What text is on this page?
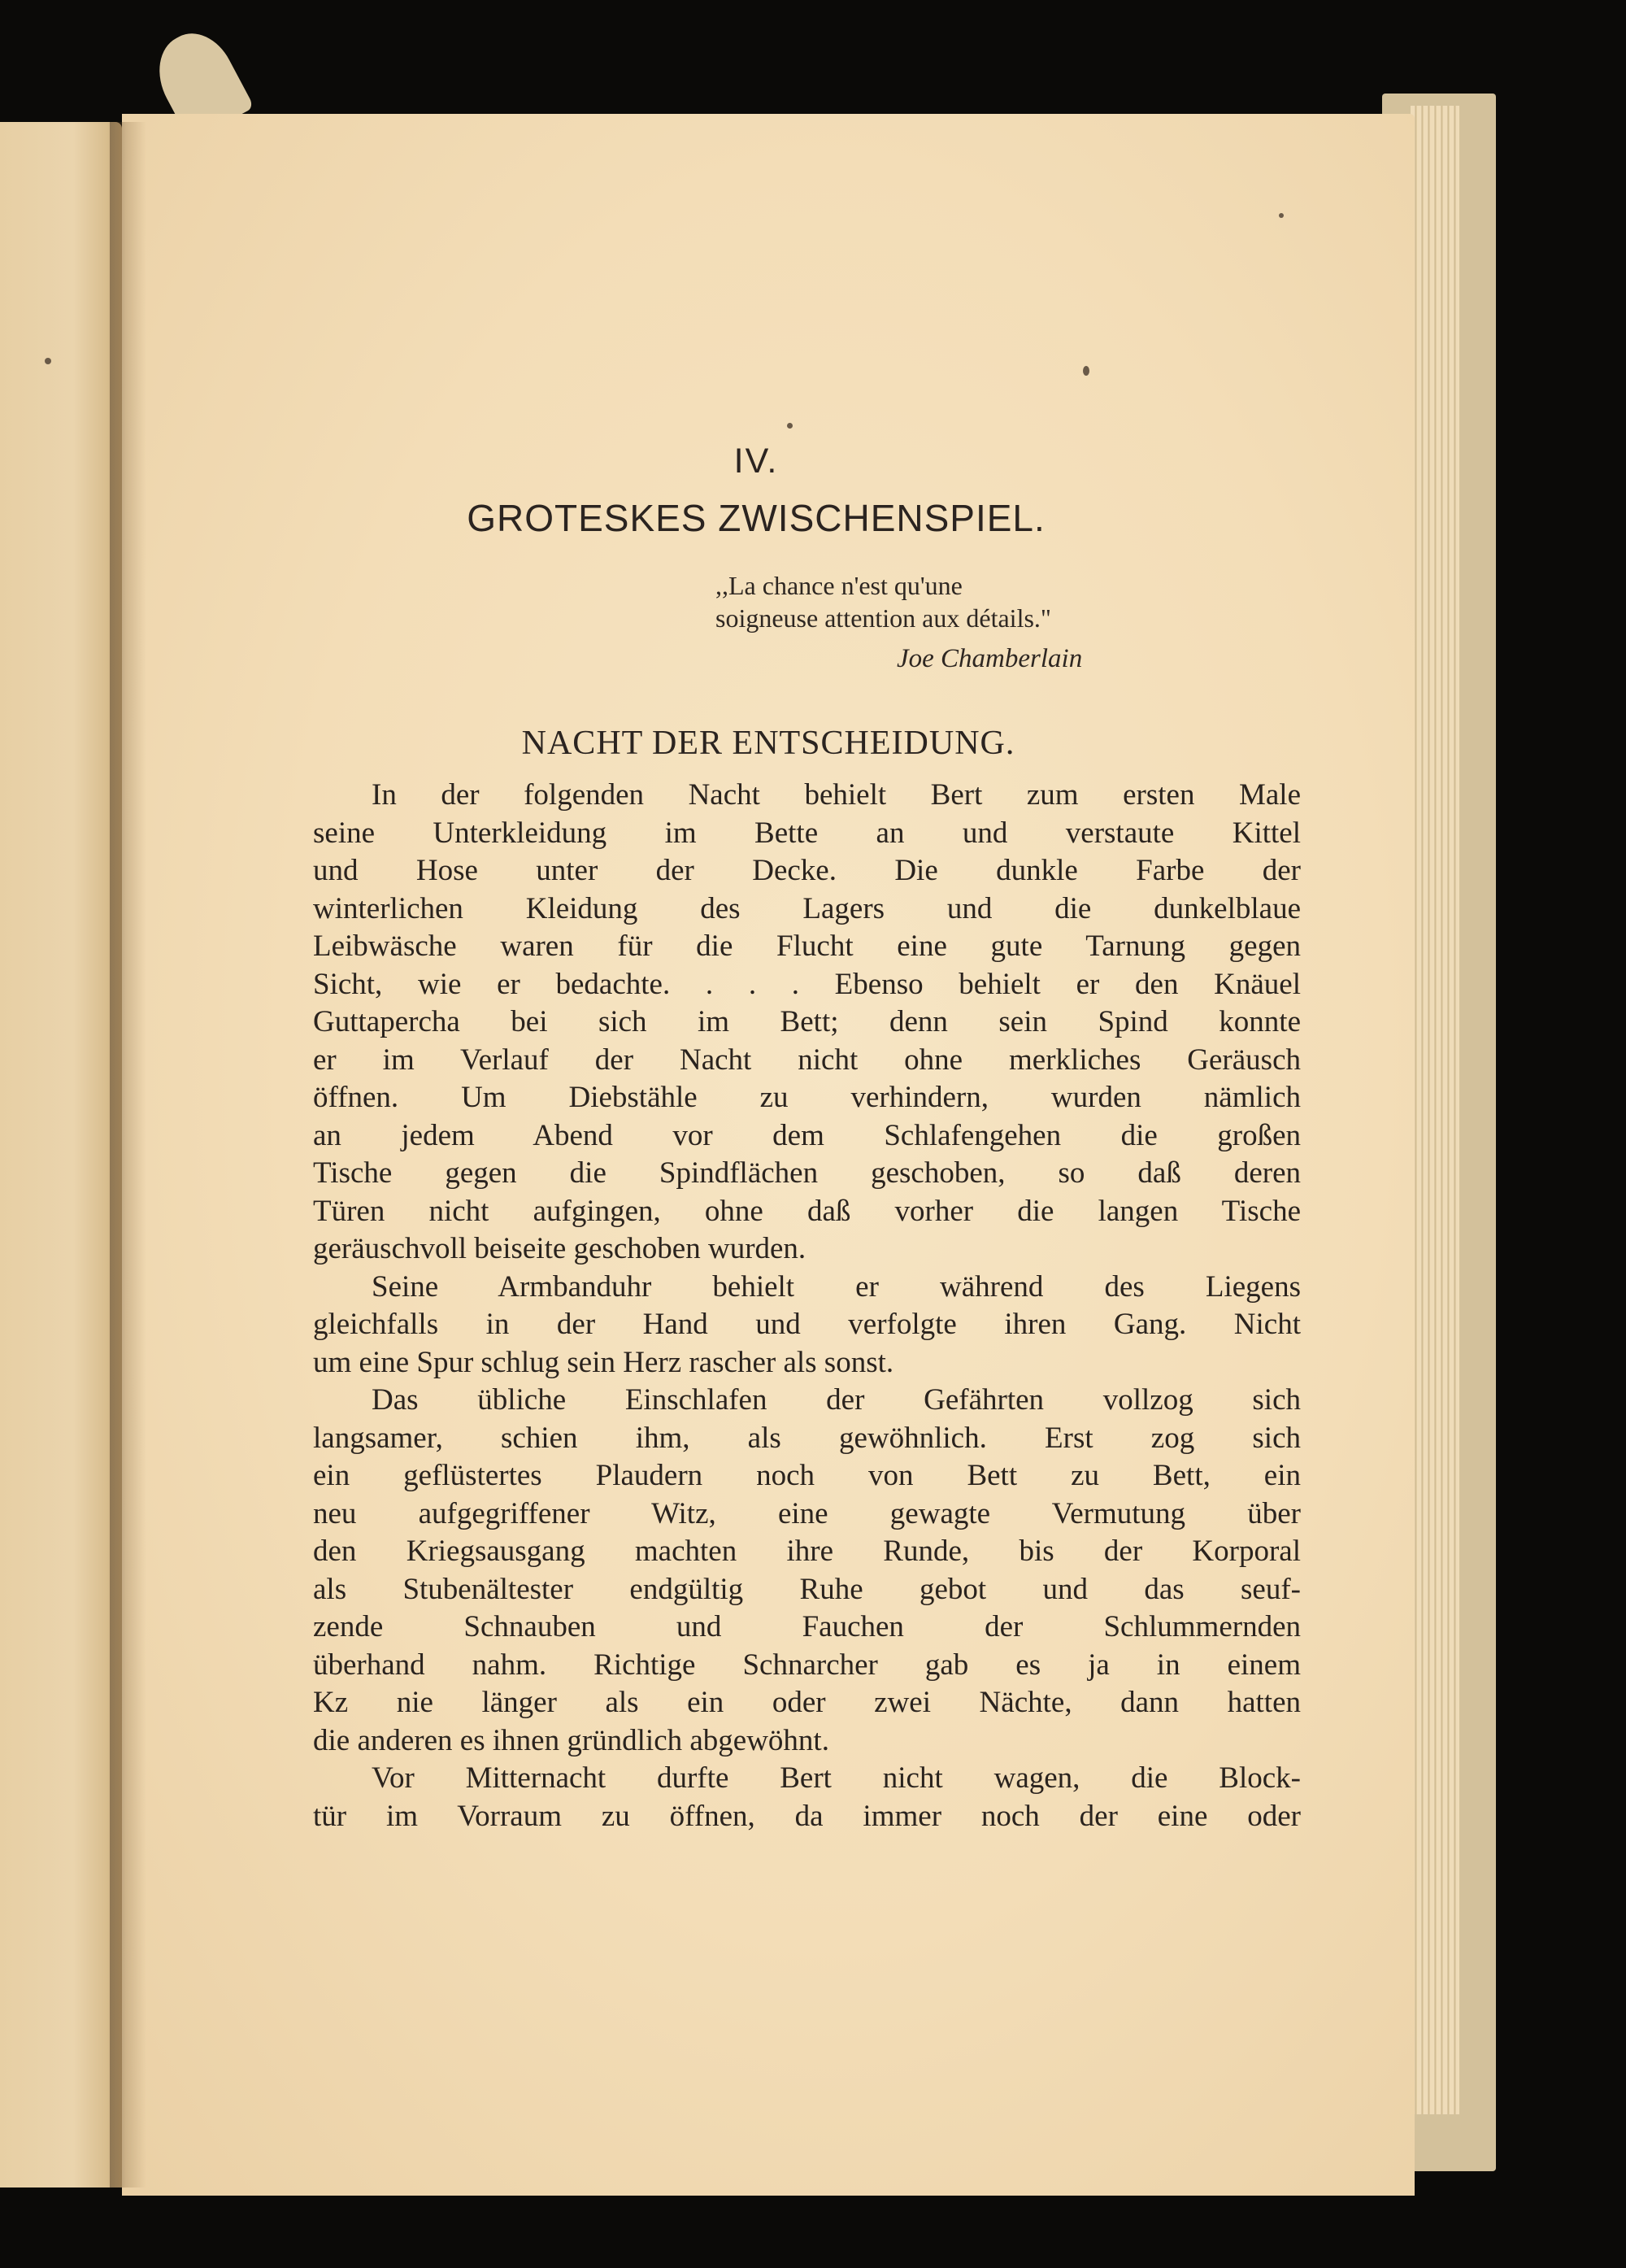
IV.
GROTESKES ZWISCHENSPIEL.
,,La chance n'est qu'une
soigneuse attention aux détails."
Joe Chamberlain
NACHT DER ENTSCHEIDUNG.
In der folgenden Nacht behielt Bert zum ersten Male
seine Unterkleidung im Bette an und verstaute Kittel
und Hose unter der Decke. Die dunkle Farbe der
winterlichen Kleidung des Lagers und die dunkelblaue
Leibwäsche waren für die Flucht eine gute Tarnung gegen
Sicht, wie er bedachte. . . . Ebenso behielt er den Knäuel
Guttapercha bei sich im Bett; denn sein Spind konnte
er im Verlauf der Nacht nicht ohne merkliches Geräusch
öffnen. Um Diebstähle zu verhindern, wurden nämlich
an jedem Abend vor dem Schlafengehen die großen
Tische gegen die Spindflächen geschoben, so daß deren
Türen nicht aufgingen, ohne daß vorher die langen Tische
geräuschvoll beiseite geschoben wurden.
Seine Armbanduhr behielt er während des Liegens
gleichfalls in der Hand und verfolgte ihren Gang. Nicht
um eine Spur schlug sein Herz rascher als sonst.
Das übliche Einschlafen der Gefährten vollzog sich
langsamer, schien ihm, als gewöhnlich. Erst zog sich
ein geflüstertes Plaudern noch von Bett zu Bett, ein
neu aufgegriffener Witz, eine gewagte Vermutung über
den Kriegsausgang machten ihre Runde, bis der Korporal
als Stubenältester endgültig Ruhe gebot und das seuf-
zende Schnauben und Fauchen der Schlummernden
überhand nahm. Richtige Schnarcher gab es ja in einem
Kz nie länger als ein oder zwei Nächte, dann hatten
die anderen es ihnen gründlich abgewöhnt.
Vor Mitternacht durfte Bert nicht wagen, die Block-
tür im Vorraum zu öffnen, da immer noch der eine oder
